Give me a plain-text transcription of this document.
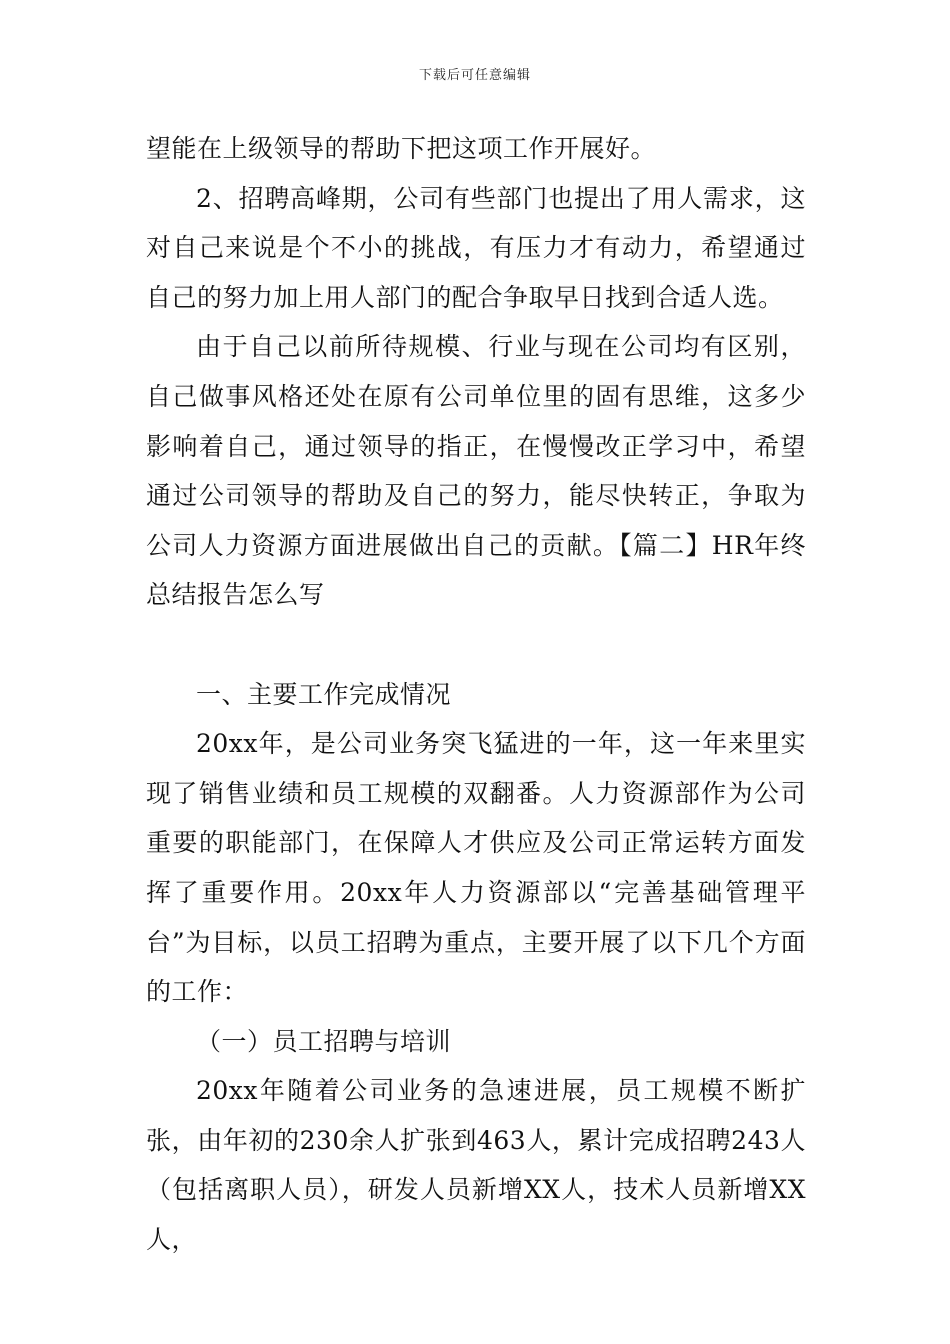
下载后可任意编辑

望能在上级领导的帮助下把这项工作开展好。

2、招聘高峰期，公司有些部门也提出了用人需求，这对自己来说是个不小的挑战，有压力才有动力，希望通过自己的努力加上用人部门的配合争取早日找到合适人选。

由于自己以前所待规模、行业与现在公司均有区别，自己做事风格还处在原有公司单位里的固有思维，这多少影响着自己，通过领导的指正，在慢慢改正学习中，希望通过公司领导的帮助及自己的努力，能尽快转正，争取为公司人力资源方面进展做出自己的贡献。【篇二】HR年终总结报告怎么写

一、主要工作完成情况

20xx年，是公司业务突飞猛进的一年，这一年来里实现了销售业绩和员工规模的双翻番。人力资源部作为公司重要的职能部门，在保障人才供应及公司正常运转方面发挥了重要作用。20xx年人力资源部以“完善基础管理平台”为目标，以员工招聘为重点，主要开展了以下几个方面的工作：

（一）员工招聘与培训

20xx年随着公司业务的急速进展，员工规模不断扩张，由年初的230余人扩张到463人，累计完成招聘243人（包括离职人员），研发人员新增XX人，技术人员新增XX人，
